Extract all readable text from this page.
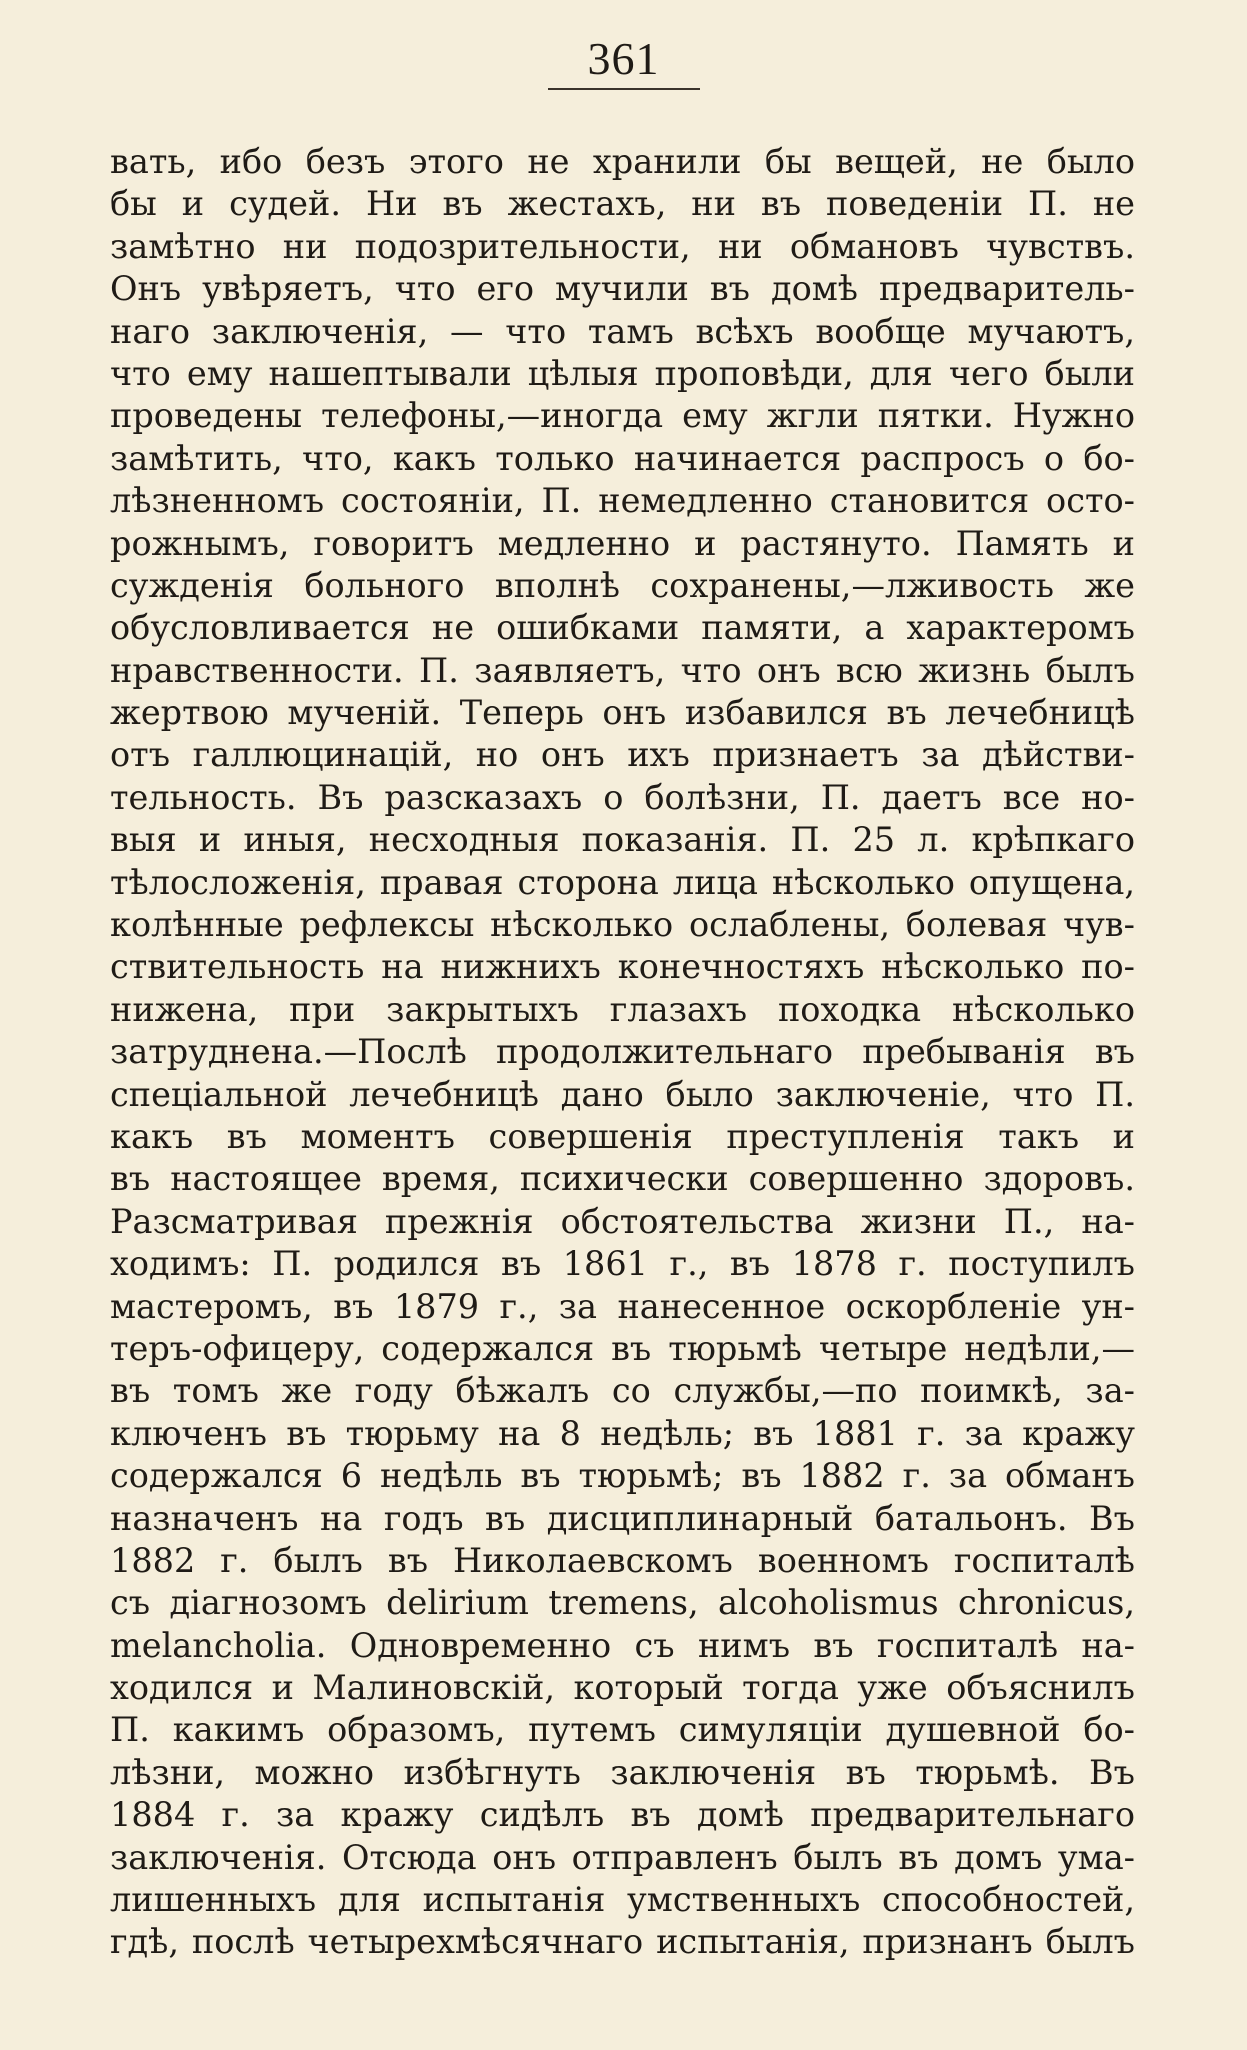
361
вать, ибо безъ этого не хранили бы вещей, не было
бы и судей. Ни въ жестахъ, ни въ поведенiи П. не
замѣтно ни подозрительности, ни обмановъ чувствъ.
Онъ увѣряетъ, что его мучили въ домѣ предваритель-
наго заключенiя, — что тамъ всѣхъ вообще мучаютъ,
что ему нашептывали цѣлыя проповѣди, для чего были
проведены телефоны,—иногда ему жгли пятки. Нужно
замѣтить, что, какъ только начинается распросъ о бо-
лѣзненномъ состоянiи, П. немедленно становится осто-
рожнымъ, говоритъ медленно и растянуто. Память и
сужденiя больного вполнѣ сохранены,—лживость же
обусловливается не ошибками памяти, а характеромъ
нравственности. П. заявляетъ, что онъ всю жизнь былъ
жертвою мученiй. Теперь онъ избавился въ лечебницѣ
отъ галлюцинацiй, но онъ ихъ признаетъ за дѣйстви-
тельность. Въ разсказахъ о болѣзни, П. даетъ все но-
выя и иныя, несходныя показанiя. П. 25 л. крѣпкаго
тѣлосложенiя, правая сторона лица нѣсколько опущена,
колѣнные рефлексы нѣсколько ослаблены, болевая чув-
ствительность на нижнихъ конечностяхъ нѣсколько по-
нижена, при закрытыхъ глазахъ походка нѣсколько
затруднена.—Послѣ продолжительнаго пребыванiя въ
спецiальной лечебницѣ дано было заключенiе, что П.
какъ въ моментъ совершенiя преступленiя такъ и
въ настоящее время, психически совершенно здоровъ.
Разсматривая прежнiя обстоятельства жизни П., на-
ходимъ: П. родился въ 1861 г., въ 1878 г. поступилъ
мастеромъ, въ 1879 г., за нанесенное оскорбленiе ун-
теръ-офицеру, содержался въ тюрьмѣ четыре недѣли,—
въ томъ же году бѣжалъ со службы,—по поимкѣ, за-
ключенъ въ тюрьму на 8 недѣль; въ 1881 г. за кражу
содержался 6 недѣль въ тюрьмѣ; въ 1882 г. за обманъ
назначенъ на годъ въ дисциплинарный батальонъ. Въ
1882 г. былъ въ Николаевскомъ военномъ госпиталѣ
съ дiагнозомъ delirium tremens, alcoholismus chronicus,
melancholia. Одновременно съ нимъ въ госпиталѣ на-
ходился и Малиновскiй, который тогда уже объяснилъ
П. какимъ образомъ, путемъ симуляцiи душевной бо-
лѣзни, можно избѣгнуть заключенiя въ тюрьмѣ. Въ
1884 г. за кражу сидѣлъ въ домѣ предварительнаго
заключенiя. Отсюда онъ отправленъ былъ въ домъ ума-
лишенныхъ для испытанiя умственныхъ способностей,
гдѣ, послѣ четырехмѣсячнаго испытанiя, признанъ былъ
